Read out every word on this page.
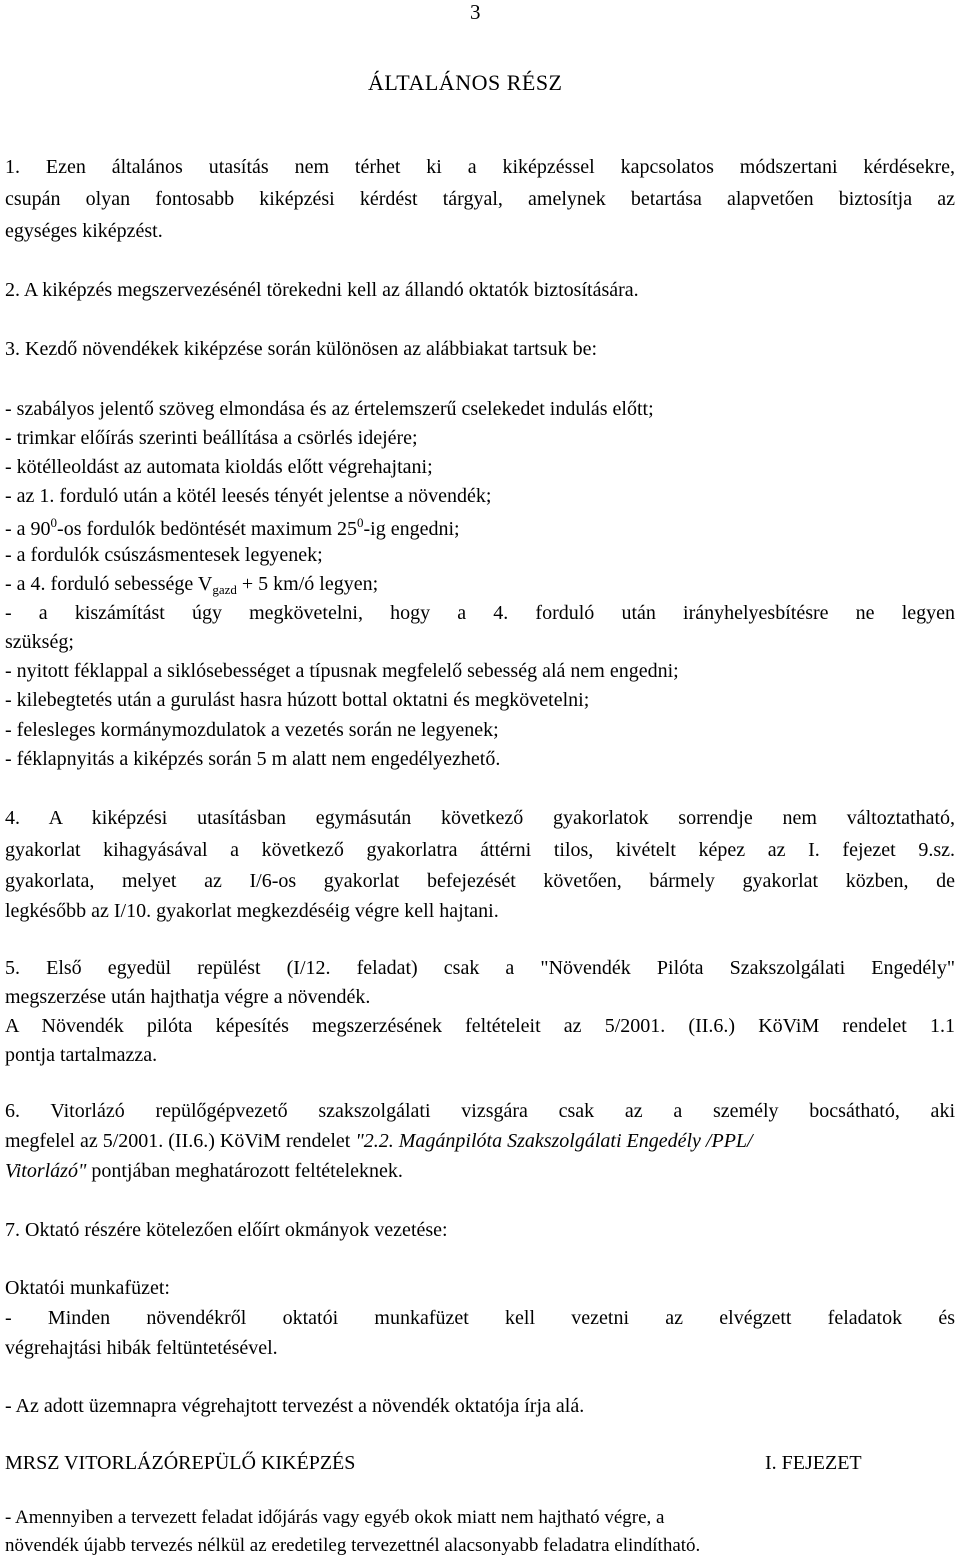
3
ÁLTALÁNOS RÉSZ
1. Ezen általános utasítás nem térhet ki a kiképzéssel kapcsolatos módszertani kérdésekre,
csupán olyan fontosabb kiképzési kérdést tárgyal, amelynek betartása alapvetően biztosítja az
egységes kiképzést.
2. A kiképzés megszervezésénél törekedni kell az állandó oktatók biztosítására.
3. Kezdő növendékek kiképzése során különösen az alábbiakat tartsuk be:
- szabályos jelentő szöveg elmondása és az értelemszerű cselekedet indulás előtt;
- trimkar előírás szerinti beállítása a csörlés idejére;
- kötélleoldást az automata kioldás előtt végrehajtani;
- az 1. forduló után a kötél leesés tényét jelentse a növendék;
- a $90^0-os$ fordulók bedöntését maximum $25^0-ig$ engedni;
- a fordulók csúszásmentesek legyenek;
- a 4. forduló sebessége $V_{gazd} + 5$ km/ó legyen;
- a kiszámítást úgy megkövetelni, hogy a 4. forduló után irányhelyesbítésre ne legyen
szükség;
- nyitott féklappal a siklósebességet a típusnak megfelelő sebesség alá nem engedni;
- kilebegtetés után a gurulást hasra húzott bottal oktatni és megkövetelni;
- felesleges kormánymozdulatok a vezetés során ne legyenek;
- féklapnyitás a kiképzés során 5 m alatt nem engedélyezhető.
4. A kiképzési utasításban egymásután következő gyakorlatok sorrendje nem változtatható,
gyakorlat kihagyásával a következő gyakorlatra áttérni tilos, kivételt képez az I. fejezet 9.sz.
gyakorlata, melyet az I/6-os gyakorlat befejezését követően, bármely gyakorlat közben, de
legkésőbb az I/10. gyakorlat megkezdéséig végre kell hajtani.
5. Első egyedül repülést (I/12. feladat) csak a "Növendék Pilóta Szakszolgálati Engedély"
megszerzése után hajthatja végre a növendék.
A Növendék pilóta képesítés megszerzésének feltételeit az 5/2001. (II.6.) KöViM rendelet 1.1
pontja tartalmazza.
6. Vitorlázó repülőgépvezető szakszolgálati vizsgára csak az a személy bocsátható, aki
megfelel az 5/2001. (II.6.) KöViM rendelet "2.2. Magánpilóta Szakszolgálati Engedély /PPL/
Vitorlázó" pontjában meghatározott feltételeknek.
7. Oktató részére kötelezően előírt okmányok vezetése:
Oktatói munkafüzet:
- Minden növendékről oktatói munkafüzet kell vezetni az elvégzett feladatok és
végrehajtási hibák feltüntetésével.
- Az adott üzemnapra végrehajtott tervezést a növendék oktatója írja alá.
MRSZ VITORLÁZÓREPÜLŐ KIKÉPZÉS	I. FEJEZET
- Amennyiben a tervezett feladat időjárás vagy egyéb okok miatt nem hajtható végre, a
növendék újabb tervezés nélkül az eredetileg tervezettnél alacsonyabb feladatra elindítható.
